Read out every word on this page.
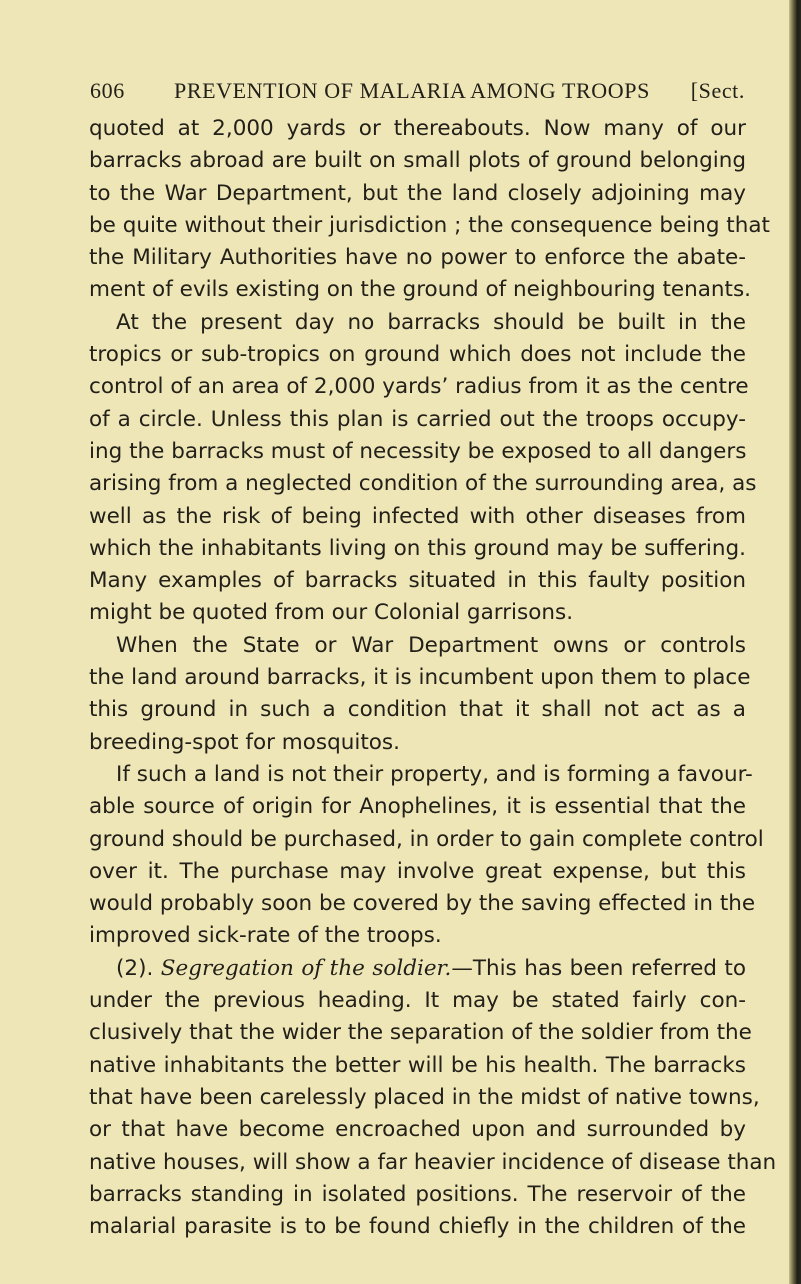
606 PREVENTION OF MALARIA AMONG TROOPS [Sect.
quoted at 2,000 yards or thereabouts. Now many of our
barracks abroad are built on small plots of ground belonging
to the War Department, but the land closely adjoining may
be quite without their jurisdiction ; the consequence being that
the Military Authorities have no power to enforce the abate-
ment of evils existing on the ground of neighbouring tenants.
At the present day no barracks should be built in the
tropics or sub-tropics on ground which does not include the
control of an area of 2,000 yards’ radius from it as the centre
of a circle. Unless this plan is carried out the troops occupy-
ing the barracks must of necessity be exposed to all dangers
arising from a neglected condition of the surrounding area, as
well as the risk of being infected with other diseases from
which the inhabitants living on this ground may be suffering.
Many examples of barracks situated in this faulty position
might be quoted from our Colonial garrisons.
When the State or War Department owns or controls
the land around barracks, it is incumbent upon them to place
this ground in such a condition that it shall not act as a
breeding-spot for mosquitos.
If such a land is not their property, and is forming a favour-
able source of origin for Anophelines, it is essential that the
ground should be purchased, in order to gain complete control
over it. The purchase may involve great expense, but this
would probably soon be covered by the saving effected in the
improved sick-rate of the troops.
(2). Segregation of the soldier.—This has been referred to
under the previous heading. It may be stated fairly con-
clusively that the wider the separation of the soldier from the
native inhabitants the better will be his health. The barracks
that have been carelessly placed in the midst of native towns,
or that have become encroached upon and surrounded by
native houses, will show a far heavier incidence of disease than
barracks standing in isolated positions. The reservoir of the
malarial parasite is to be found chiefly in the children of the
